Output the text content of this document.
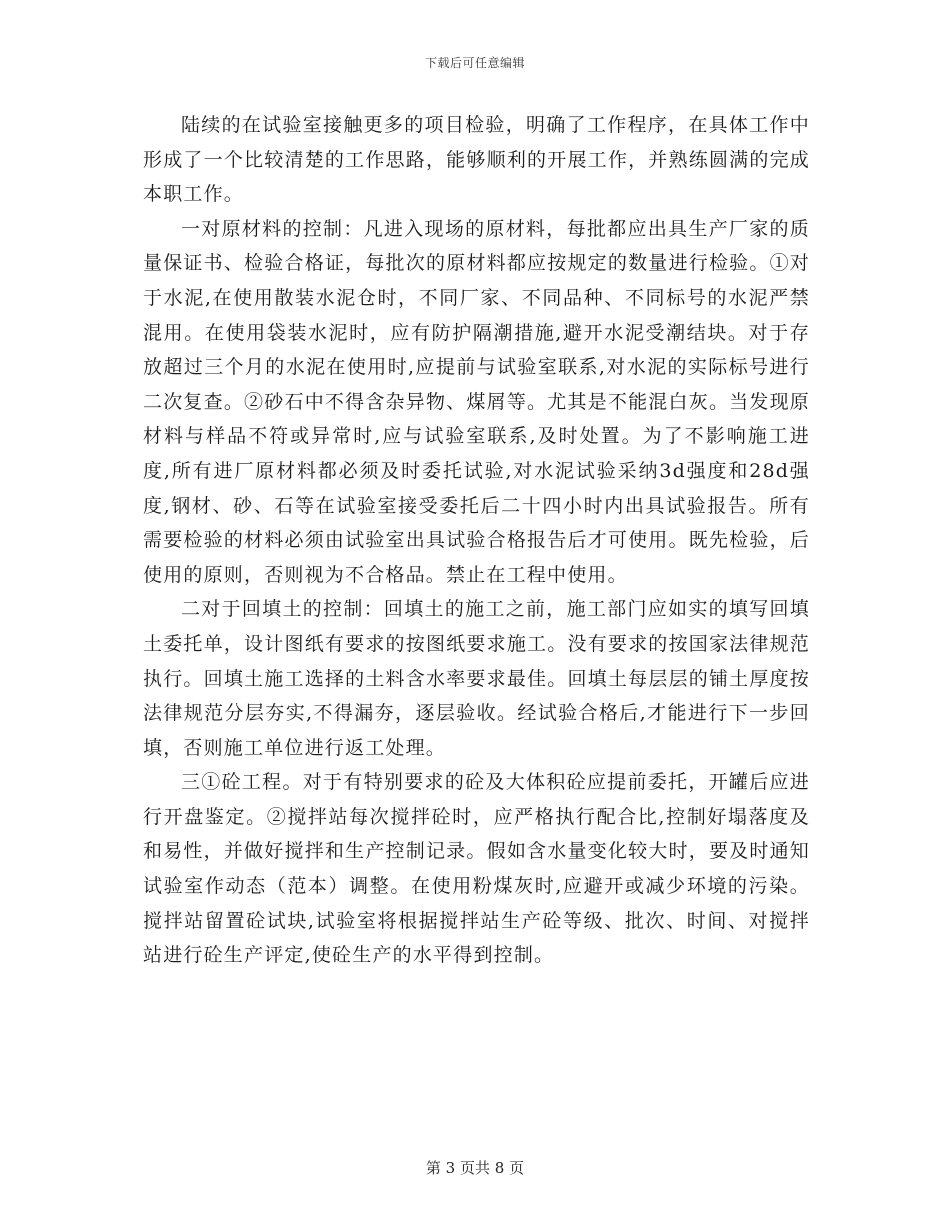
下载后可任意编辑

陆续的在试验室接触更多的项目检验，明确了工作程序，在具体工作中形成了一个比较清楚的工作思路，能够顺利的开展工作，并熟练圆满的完成本职工作。

一对原材料的控制：凡进入现场的原材料，每批都应出具生产厂家的质量保证书、检验合格证，每批次的原材料都应按规定的数量进行检验。①对于水泥,在使用散装水泥仓时，不同厂家、不同品种、不同标号的水泥严禁混用。在使用袋装水泥时，应有防护隔潮措施,避开水泥受潮结块。对于存放超过三个月的水泥在使用时,应提前与试验室联系,对水泥的实际标号进行二次复查。②砂石中不得含杂异物、煤屑等。尤其是不能混白灰。当发现原材料与样品不符或异常时,应与试验室联系,及时处置。为了不影响施工进度,所有进厂原材料都必须及时委托试验,对水泥试验采纳3d强度和28d强度,钢材、砂、石等在试验室接受委托后二十四小时内出具试验报告。所有需要检验的材料必须由试验室出具试验合格报告后才可使用。既先检验，后使用的原则，否则视为不合格品。禁止在工程中使用。

二对于回填土的控制：回填土的施工之前，施工部门应如实的填写回填土委托单，设计图纸有要求的按图纸要求施工。没有要求的按国家法律规范执行。回填土施工选择的土料含水率要求最佳。回填土每层层的铺土厚度按法律规范分层夯实,不得漏夯，逐层验收。经试验合格后,才能进行下一步回填，否则施工单位进行返工处理。

三①砼工程。对于有特别要求的砼及大体积砼应提前委托，开罐后应进行开盘鉴定。②搅拌站每次搅拌砼时，应严格执行配合比,控制好塌落度及和易性，并做好搅拌和生产控制记录。假如含水量变化较大时，要及时通知试验室作动态（范本）调整。在使用粉煤灰时,应避开或减少环境的污染。搅拌站留置砼试块,试验室将根据搅拌站生产砼等级、批次、时间、对搅拌站进行砼生产评定,使砼生产的水平得到控制。

第 3 页共 8 页
